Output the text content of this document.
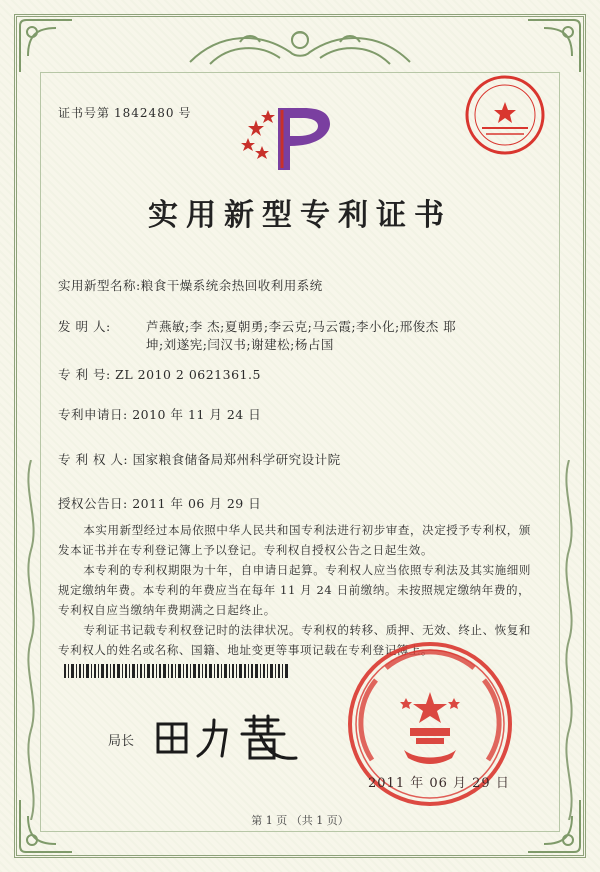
证书号第 1842480 号
实用新型专利证书
实用新型名称:粮食干燥系统余热回收利用系统
发 明 人:	芦燕敏;李 杰;夏朝勇;李云克;马云霞;李小化;邢俊杰 耶 坤;刘遂宪;闫汉书;谢建松;杨占国
专 利 号: ZL 2010 2 0621361.5
专利申请日: 2010 年 11 月 24 日
专 利 权 人: 国家粮食储备局郑州科学研究设计院
授权公告日: 2011 年 06 月 29 日

本实用新型经过本局依照中华人民共和国专利法进行初步审查，决定授予专利权，颁发本证书并在专利登记簿上予以登记。专利权自授权公告之日起生效。

本专利的专利权期限为十年，自申请日起算。专利权人应当依照专利法及其实施细则规定缴纳年费。本专利的年费应当在每年 11 月 24 日前缴纳。未按照规定缴纳年费的，专利权自应当缴纳年费期满之日起终止。

专利证书记载专利权登记时的法律状况。专利权的转移、质押、无效、终止、恢复和专利权人的姓名或名称、国籍、地址变更等事项记载在专利登记簿上。

局长
2011 年 06 月 29 日
第 1 页 （共 1 页）
